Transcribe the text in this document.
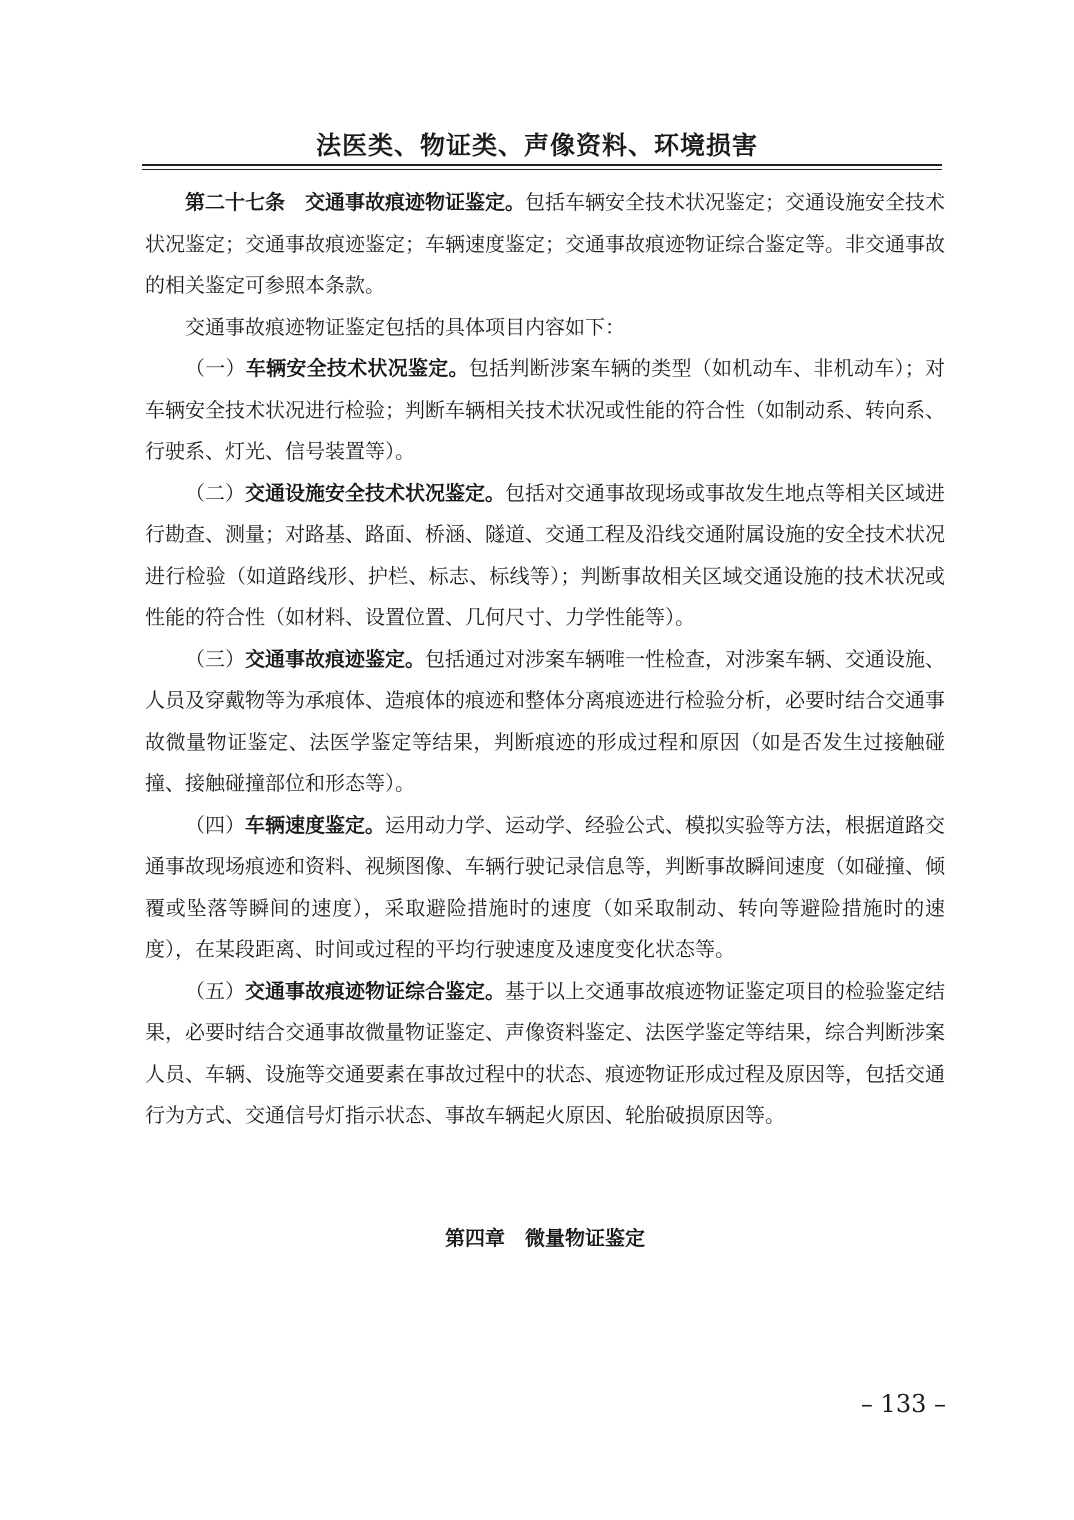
法医类、物证类、声像资料、环境损害

第二十七条　交通事故痕迹物证鉴定。包括车辆安全技术状况鉴定；交通设施安全技术状况鉴定；交通事故痕迹鉴定；车辆速度鉴定；交通事故痕迹物证综合鉴定等。非交通事故的相关鉴定可参照本条款。

交通事故痕迹物证鉴定包括的具体项目内容如下：

（一）车辆安全技术状况鉴定。包括判断涉案车辆的类型（如机动车、非机动车）；对车辆安全技术状况进行检验；判断车辆相关技术状况或性能的符合性（如制动系、转向系、行驶系、灯光、信号装置等）。

（二）交通设施安全技术状况鉴定。包括对交通事故现场或事故发生地点等相关区域进行勘查、测量；对路基、路面、桥涵、隧道、交通工程及沿线交通附属设施的安全技术状况进行检验（如道路线形、护栏、标志、标线等）；判断事故相关区域交通设施的技术状况或性能的符合性（如材料、设置位置、几何尺寸、力学性能等）。

（三）交通事故痕迹鉴定。包括通过对涉案车辆唯一性检查，对涉案车辆、交通设施、人员及穿戴物等为承痕体、造痕体的痕迹和整体分离痕迹进行检验分析，必要时结合交通事故微量物证鉴定、法医学鉴定等结果，判断痕迹的形成过程和原因（如是否发生过接触碰撞、接触碰撞部位和形态等）。

（四）车辆速度鉴定。运用动力学、运动学、经验公式、模拟实验等方法，根据道路交通事故现场痕迹和资料、视频图像、车辆行驶记录信息等，判断事故瞬间速度（如碰撞、倾覆或坠落等瞬间的速度），采取避险措施时的速度（如采取制动、转向等避险措施时的速度），在某段距离、时间或过程的平均行驶速度及速度变化状态等。

（五）交通事故痕迹物证综合鉴定。基于以上交通事故痕迹物证鉴定项目的检验鉴定结果，必要时结合交通事故微量物证鉴定、声像资料鉴定、法医学鉴定等结果，综合判断涉案人员、车辆、设施等交通要素在事故过程中的状态、痕迹物证形成过程及原因等，包括交通行为方式、交通信号灯指示状态、事故车辆起火原因、轮胎破损原因等。

第四章　微量物证鉴定
– 133 –
